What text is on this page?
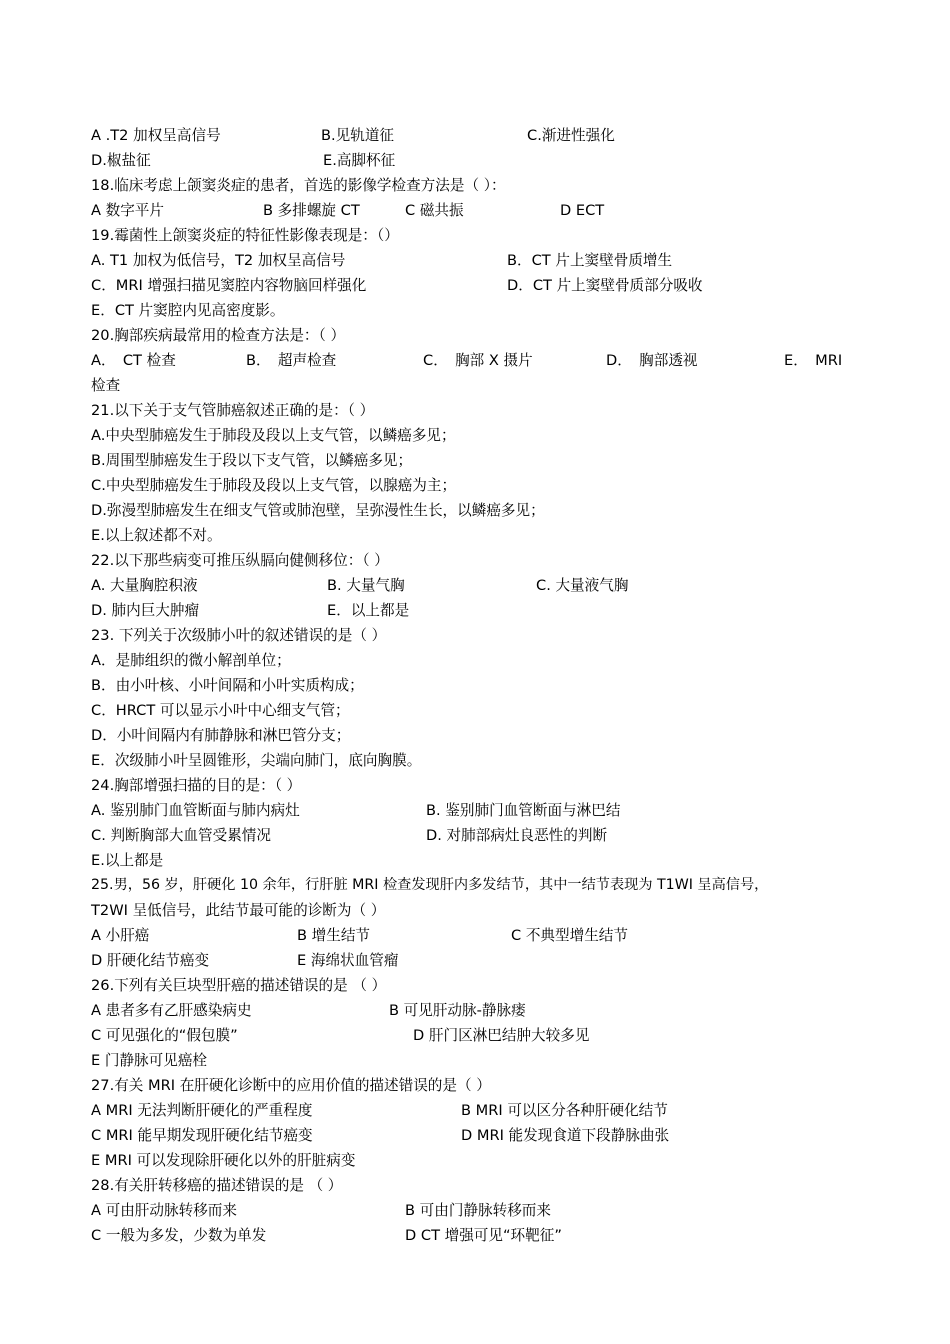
A .T2 加权呈高信号	B.见轨道征	C.渐进性强化
D.椒盐征	E.高脚杯征
18.临床考虑上颌窦炎症的患者，首选的影像学检查方法是（ ）：
A 数字平片	B 多排螺旋 CT	C 磁共振	D ECT
19.霉菌性上颌窦炎症的特征性影像表现是：（）
A. T1 加权为低信号，T2 加权呈高信号	B．CT 片上窦壁骨质增生
C．MRI 增强扫描见窦腔内容物脑回样强化	D．CT 片上窦壁骨质部分吸收
E．CT 片窦腔内见高密度影。
20.胸部疾病最常用的检查方法是：（ ）
A．　CT 检查	B．　超声检查	C．　胸部 X 摄片	D．　胸部透视	E．　MRI
检查
21.以下关于支气管肺癌叙述正确的是：（ ）
A.中央型肺癌发生于肺段及段以上支气管，以鳞癌多见；
B.周围型肺癌发生于段以下支气管，以鳞癌多见；
C.中央型肺癌发生于肺段及段以上支气管，以腺癌为主；
D.弥漫型肺癌发生在细支气管或肺泡壁，呈弥漫性生长，以鳞癌多见；
E.以上叙述都不对。
22.以下那些病变可推压纵膈向健侧移位：（ ）
A. 大量胸腔积液	B. 大量气胸	C. 大量液气胸
D. 肺内巨大肿瘤	E．以上都是
23. 下列关于次级肺小叶的叙述错误的是（ ）
A．是肺组织的微小解剖单位；
B．由小叶核、小叶间隔和小叶实质构成；
C．HRCT 可以显示小叶中心细支气管；
D．小叶间隔内有肺静脉和淋巴管分支；
E．次级肺小叶呈圆锥形，尖端向肺门，底向胸膜。
24.胸部增强扫描的目的是：（ ）
A. 鉴别肺门血管断面与肺内病灶	B. 鉴别肺门血管断面与淋巴结
C. 判断胸部大血管受累情况	D. 对肺部病灶良恶性的判断
E.以上都是
25.男，56 岁，肝硬化 10 余年，行肝脏 MRI 检查发现肝内多发结节，其中一结节表现为 T1WI 呈高信号，
T2WI 呈低信号，此结节最可能的诊断为（ ）
A 小肝癌	B 增生结节	C 不典型增生结节
D 肝硬化结节癌变	E 海绵状血管瘤
26.下列有关巨块型肝癌的描述错误的是 （ ）
A 患者多有乙肝感染病史	B 可见肝动脉-静脉瘘
C 可见强化的“假包膜”	D 肝门区淋巴结肿大较多见
E 门静脉可见癌栓
27.有关 MRI 在肝硬化诊断中的应用价值的描述错误的是（ ）
A MRI 无法判断肝硬化的严重程度	B MRI 可以区分各种肝硬化结节
C MRI 能早期发现肝硬化结节癌变	D MRI 能发现食道下段静脉曲张
E MRI 可以发现除肝硬化以外的肝脏病变
28.有关肝转移癌的描述错误的是 （ ）
A 可由肝动脉转移而来	B 可由门静脉转移而来
C 一般为多发，少数为单发	D CT 增强可见“环靶征”
